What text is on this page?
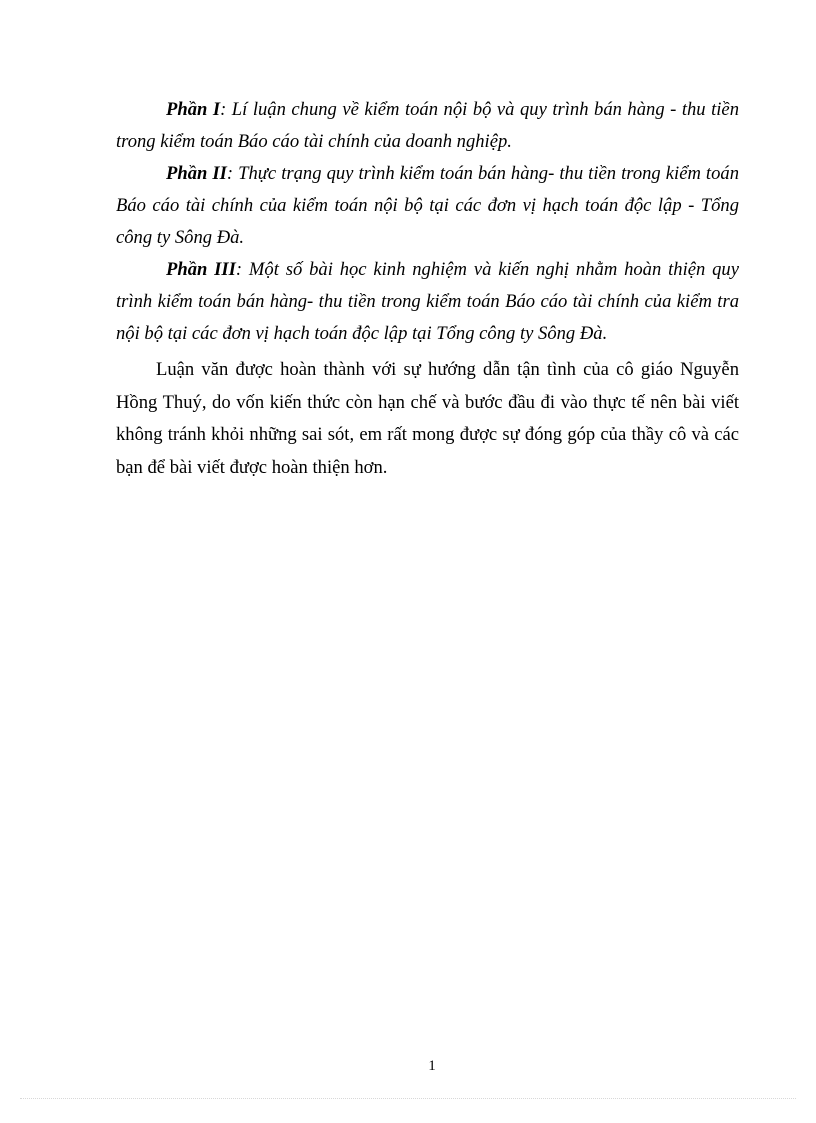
Phần I: Lí luận chung về kiểm toán nội bộ và quy trình bán hàng - thu tiền trong kiểm toán Báo cáo tài chính của doanh nghiệp.

Phần II: Thực trạng quy trình kiểm toán bán hàng- thu tiền trong kiểm toán Báo cáo tài chính của kiểm toán nội bộ tại các đơn vị hạch toán độc lập - Tổng công ty Sông Đà.

Phần III: Một số bài học kinh nghiệm và kiến nghị nhằm hoàn thiện quy trình kiểm toán bán hàng- thu tiền trong kiểm toán Báo cáo tài chính của kiểm tra nội bộ tại các đơn vị hạch toán độc lập tại Tổng công ty Sông Đà.

Luận văn được hoàn thành với sự hướng dẫn tận tình của cô giáo Nguyễn Hồng Thuý, do vốn kiến thức còn hạn chế và bước đầu đi vào thực tế nên bài viết không tránh khỏi những sai sót, em rất mong được sự đóng góp của thầy cô và các bạn để bài viết được hoàn thiện hơn.

1
